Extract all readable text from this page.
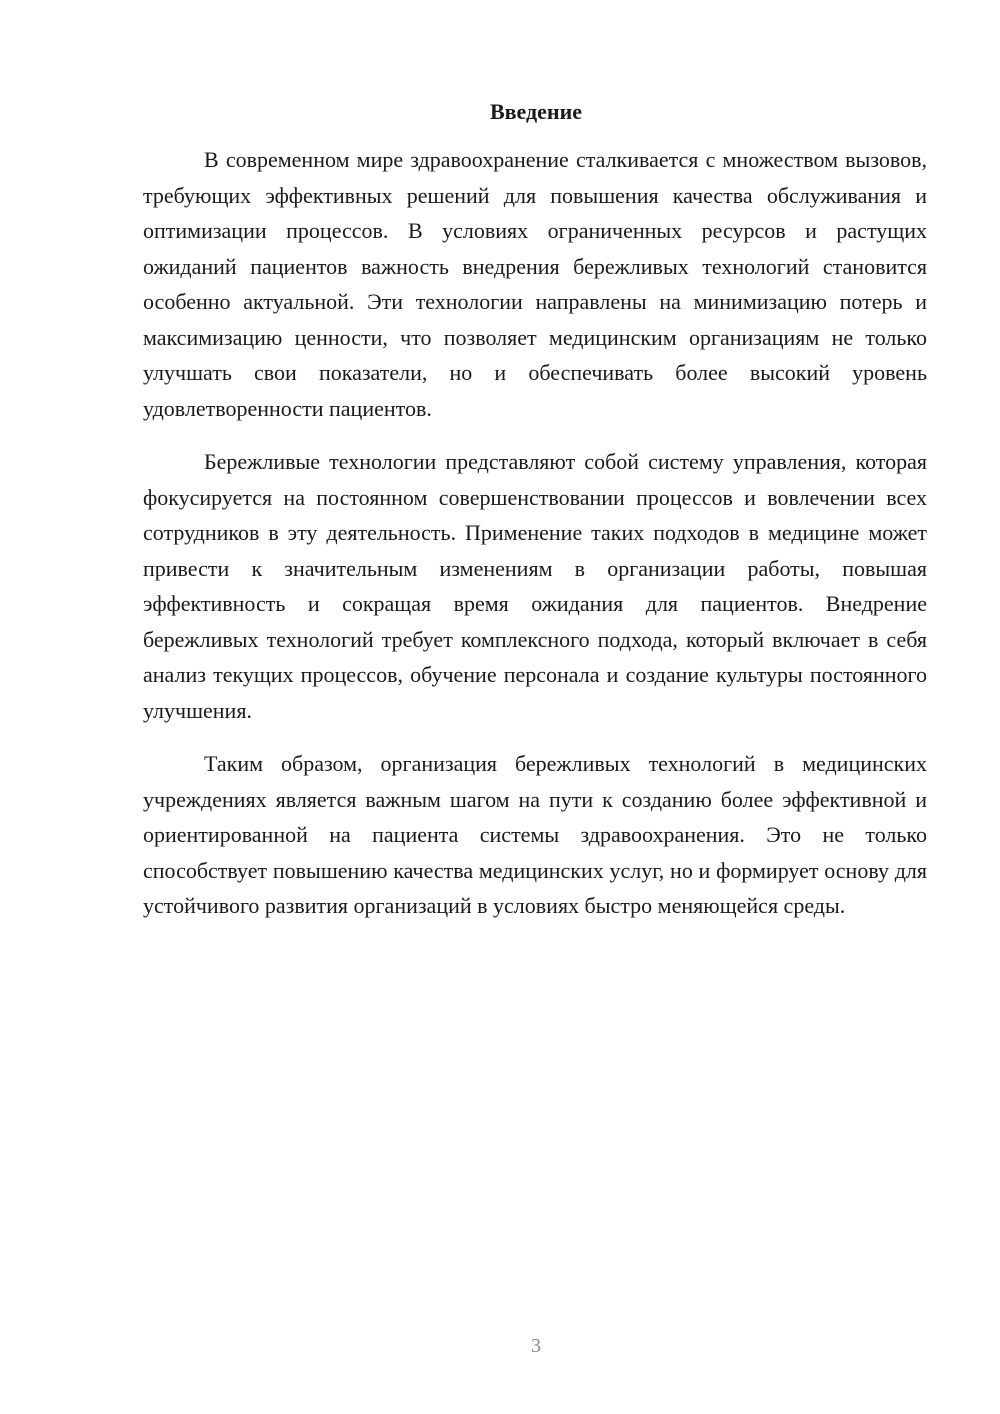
Введение

В современном мире здравоохранение сталкивается с множеством вызовов, требующих эффективных решений для повышения качества обслуживания и оптимизации процессов. В условиях ограниченных ресурсов и растущих ожиданий пациентов важность внедрения бережливых технологий становится особенно актуальной. Эти технологии направлены на минимизацию потерь и максимизацию ценности, что позволяет медицинским организациям не только улучшать свои показатели, но и обеспечивать более высокий уровень удовлетворенности пациентов.

Бережливые технологии представляют собой систему управления, которая фокусируется на постоянном совершенствовании процессов и вовлечении всех сотрудников в эту деятельность. Применение таких подходов в медицине может привести к значительным изменениям в организации работы, повышая эффективность и сокращая время ожидания для пациентов. Внедрение бережливых технологий требует комплексного подхода, который включает в себя анализ текущих процессов, обучение персонала и создание культуры постоянного улучшения.

Таким образом, организация бережливых технологий в медицинских учреждениях является важным шагом на пути к созданию более эффективной и ориентированной на пациента системы здравоохранения. Это не только способствует повышению качества медицинских услуг, но и формирует основу для устойчивого развития организаций в условиях быстро меняющейся среды.

3
